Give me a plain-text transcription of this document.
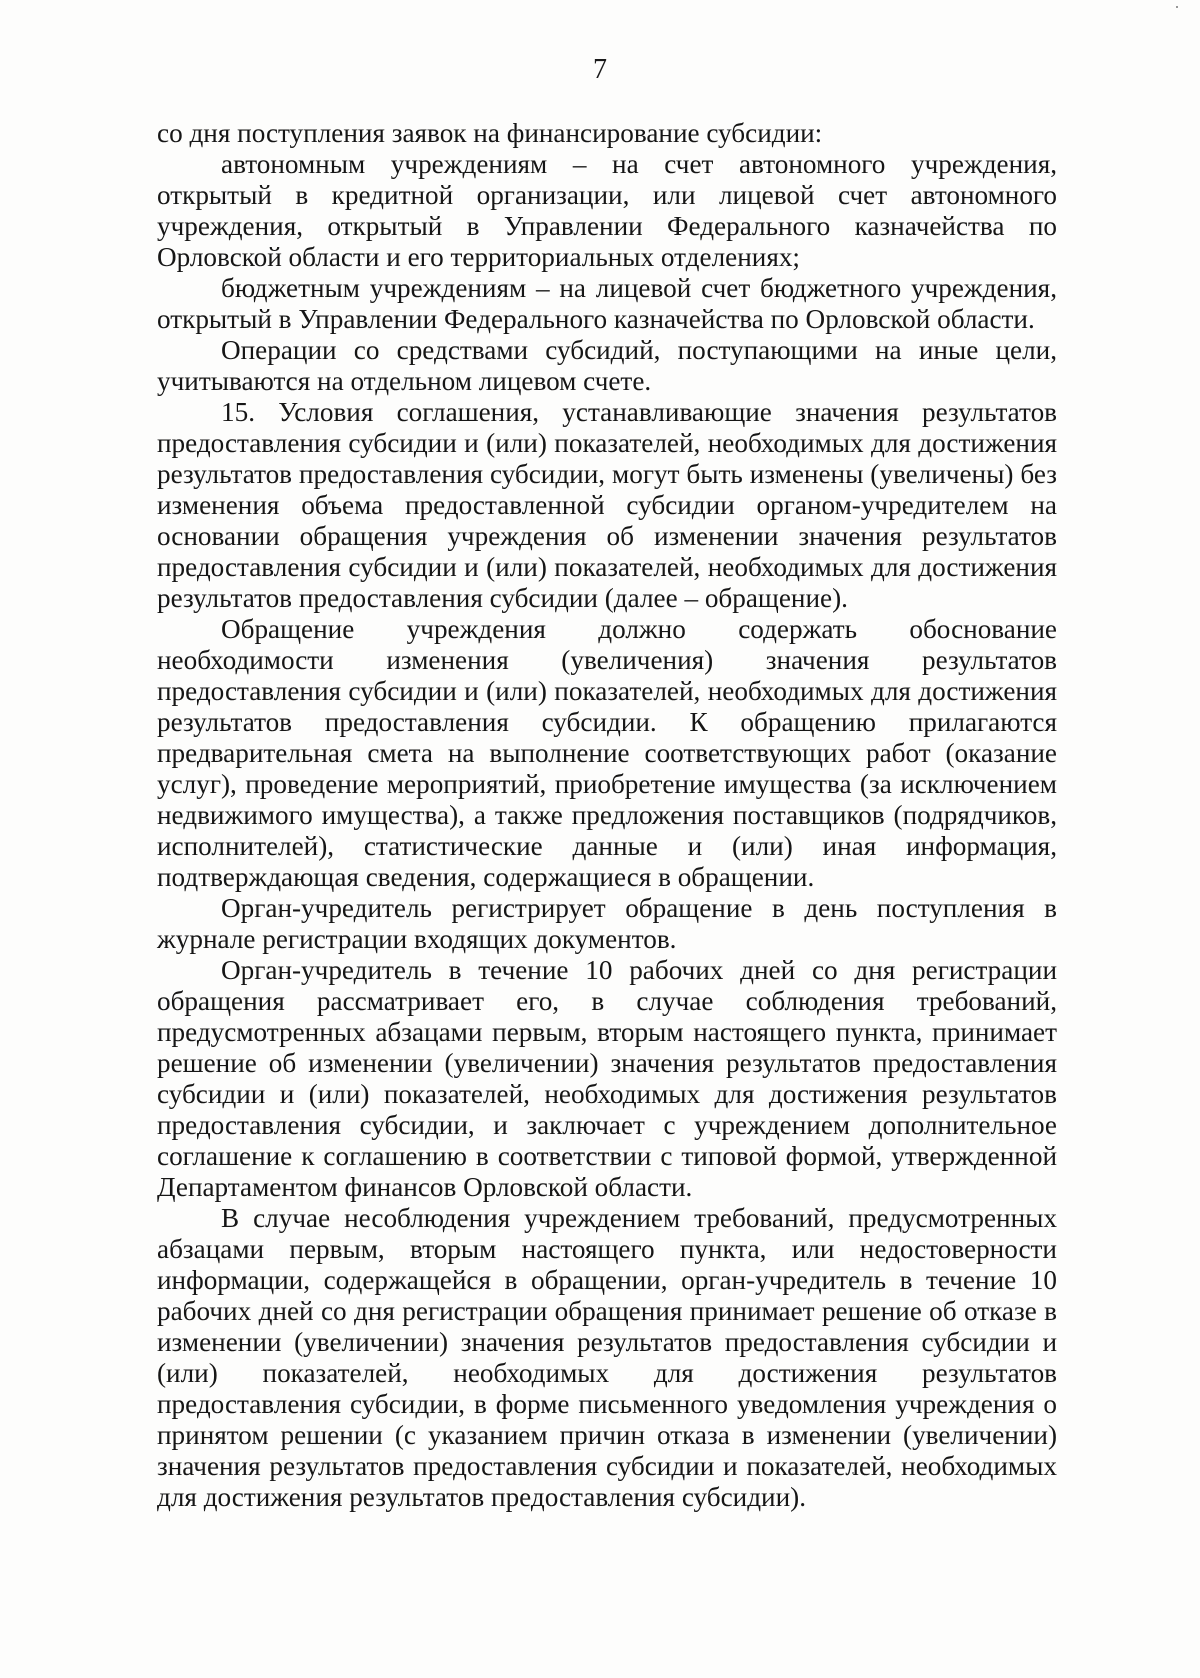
7

со дня поступления заявок на финансирование субсидии:

автономным учреждениям – на счет автономного учреждения, открытый в кредитной организации, или лицевой счет автономного учреждения, открытый в Управлении Федерального казначейства по Орловской области и его территориальных отделениях;

бюджетным учреждениям – на лицевой счет бюджетного учреждения, открытый в Управлении Федерального казначейства по Орловской области.

Операции со средствами субсидий, поступающими на иные цели, учитываются на отдельном лицевом счете.

15. Условия соглашения, устанавливающие значения результатов предоставления субсидии и (или) показателей, необходимых для достижения результатов предоставления субсидии, могут быть изменены (увеличены) без изменения объема предоставленной субсидии органом-учредителем на основании обращения учреждения об изменении значения результатов предоставления субсидии и (или) показателей, необходимых для достижения результатов предоставления субсидии (далее – обращение).

Обращение учреждения должно содержать обоснование необходимости изменения (увеличения) значения результатов предоставления субсидии и (или) показателей, необходимых для достижения результатов предоставления субсидии. К обращению прилагаются предварительная смета на выполнение соответствующих работ (оказание услуг), проведение мероприятий, приобретение имущества (за исключением недвижимого имущества), а также предложения поставщиков (подрядчиков, исполнителей), статистические данные и (или) иная информация, подтверждающая сведения, содержащиеся в обращении.

Орган-учредитель регистрирует обращение в день поступления в журнале регистрации входящих документов.

Орган-учредитель в течение 10 рабочих дней со дня регистрации обращения рассматривает его, в случае соблюдения требований, предусмотренных абзацами первым, вторым настоящего пункта, принимает решение об изменении (увеличении) значения результатов предоставления субсидии и (или) показателей, необходимых для достижения результатов предоставления субсидии, и заключает с учреждением дополнительное соглашение к соглашению в соответствии с типовой формой, утвержденной Департаментом финансов Орловской области.

В случае несоблюдения учреждением требований, предусмотренных абзацами первым, вторым настоящего пункта, или недостоверности информации, содержащейся в обращении, орган-учредитель в течение 10 рабочих дней со дня регистрации обращения принимает решение об отказе в изменении (увеличении) значения результатов предоставления субсидии и (или) показателей, необходимых для достижения результатов предоставления субсидии, в форме письменного уведомления учреждения о принятом решении (с указанием причин отказа в изменении (увеличении) значения результатов предоставления субсидии и показателей, необходимых для достижения результатов предоставления субсидии).
